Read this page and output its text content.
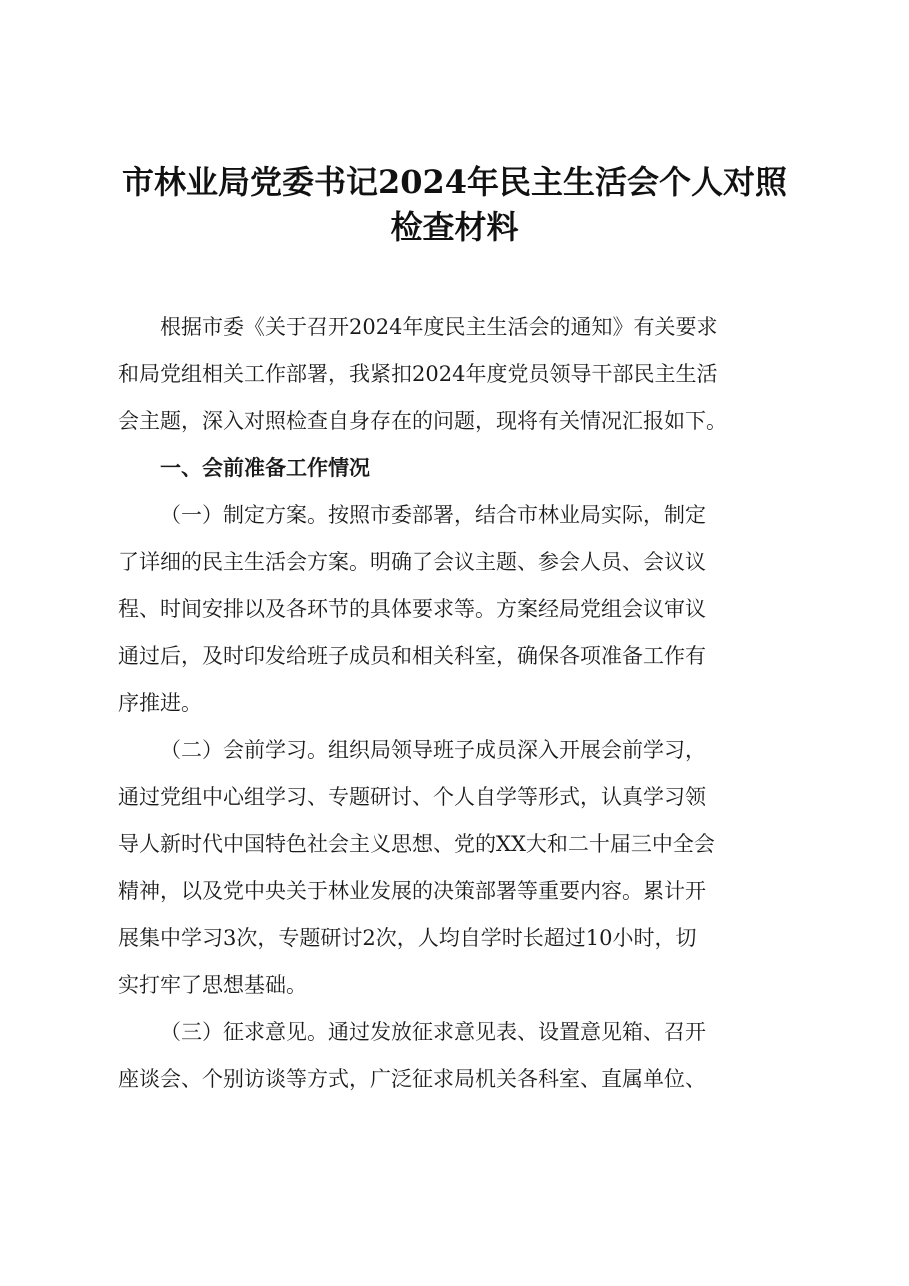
市林业局党委书记2024年民主生活会个人对照
检查材料

根据市委《关于召开2024年度民主生活会的通知》有关要求

和局党组相关工作部署，我紧扣2024年度党员领导干部民主生活

会主题，深入对照检查自身存在的问题，现将有关情况汇报如下。

一、会前准备工作情况

（一）制定方案。按照市委部署，结合市林业局实际，制定

了详细的民主生活会方案。明确了会议主题、参会人员、会议议

程、时间安排以及各环节的具体要求等。方案经局党组会议审议

通过后，及时印发给班子成员和相关科室，确保各项准备工作有

序推进。

（二）会前学习。组织局领导班子成员深入开展会前学习，

通过党组中心组学习、专题研讨、个人自学等形式，认真学习领

导人新时代中国特色社会主义思想、党的XX大和二十届三中全会

精神，以及党中央关于林业发展的决策部署等重要内容。累计开

展集中学习3次，专题研讨2次，人均自学时长超过10小时，切

实打牢了思想基础。

（三）征求意见。通过发放征求意见表、设置意见箱、召开

座谈会、个别访谈等方式，广泛征求局机关各科室、直属单位、
